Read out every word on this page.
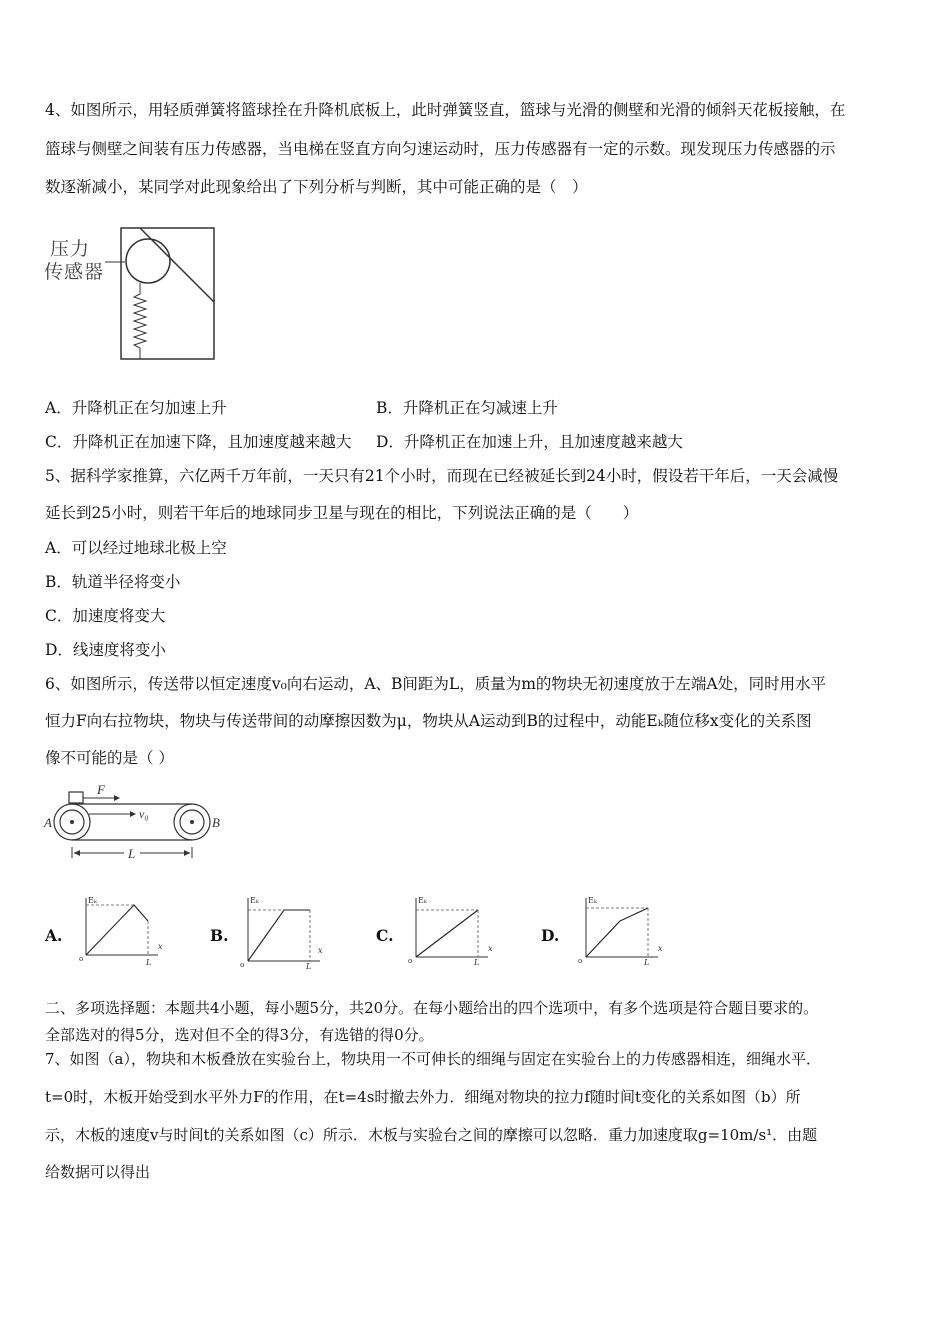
4、如图所示，用轻质弹簧将篮球拴在升降机底板上，此时弹簧竖直，篮球与光滑的侧壁和光滑的倾斜天花板接触，在

篮球与侧壁之间装有压力传感器，当电梯在竖直方向匀速运动时，压力传感器有一定的示数。现发现压力传感器的示

数逐渐减小，某同学对此现象给出了下列分析与判断，其中可能正确的是（　）

压力
传感器
A．升降机正在匀加速上升	B．升降机正在匀减速上升
C．升降机正在加速下降，且加速度越来越大 D．升降机正在加速上升，且加速度越来越大

5、据科学家推算，六亿两千万年前，一天只有21个小时，而现在已经被延长到24小时，假设若干年后，一天会减慢

延长到25小时，则若干年后的地球同步卫星与现在的相比，下列说法正确的是（　　）

A．可以经过地球北极上空
B．轨道半径将变小
C．加速度将变大
D．线速度将变小

6、如图所示，传送带以恒定速度v₀向右运动，A、B间距为L，质量为m的物块无初速度放于左端A处，同时用水平

恒力F向右拉物块，物块与传送带间的动摩擦因数为μ，物块从A运动到B的过程中，动能Eₖ随位移x变化的关系图

像不可能的是（ ）

F
v₀
A	B
L
A.
Eₖ
x
o	L
B.
Eₖ
x
o	L
C.
Eₖ
x
o	L
D.
Eₖ
x
o	L

二、多项选择题：本题共4小题，每小题5分，共20分。在每小题给出的四个选项中，有多个选项是符合题目要求的。

全部选对的得5分，选对但不全的得3分，有选错的得0分。

7、如图（a），物块和木板叠放在实验台上，物块用一不可伸长的细绳与固定在实验台上的力传感器相连，细绳水平．

t=0时，木板开始受到水平外力F的作用，在t=4s时撤去外力．细绳对物块的拉力f随时间t变化的关系如图（b）所

示，木板的速度v与时间t的关系如图（c）所示．木板与实验台之间的摩擦可以忽略．重力加速度取g=10m/s¹．由题

给数据可以得出
